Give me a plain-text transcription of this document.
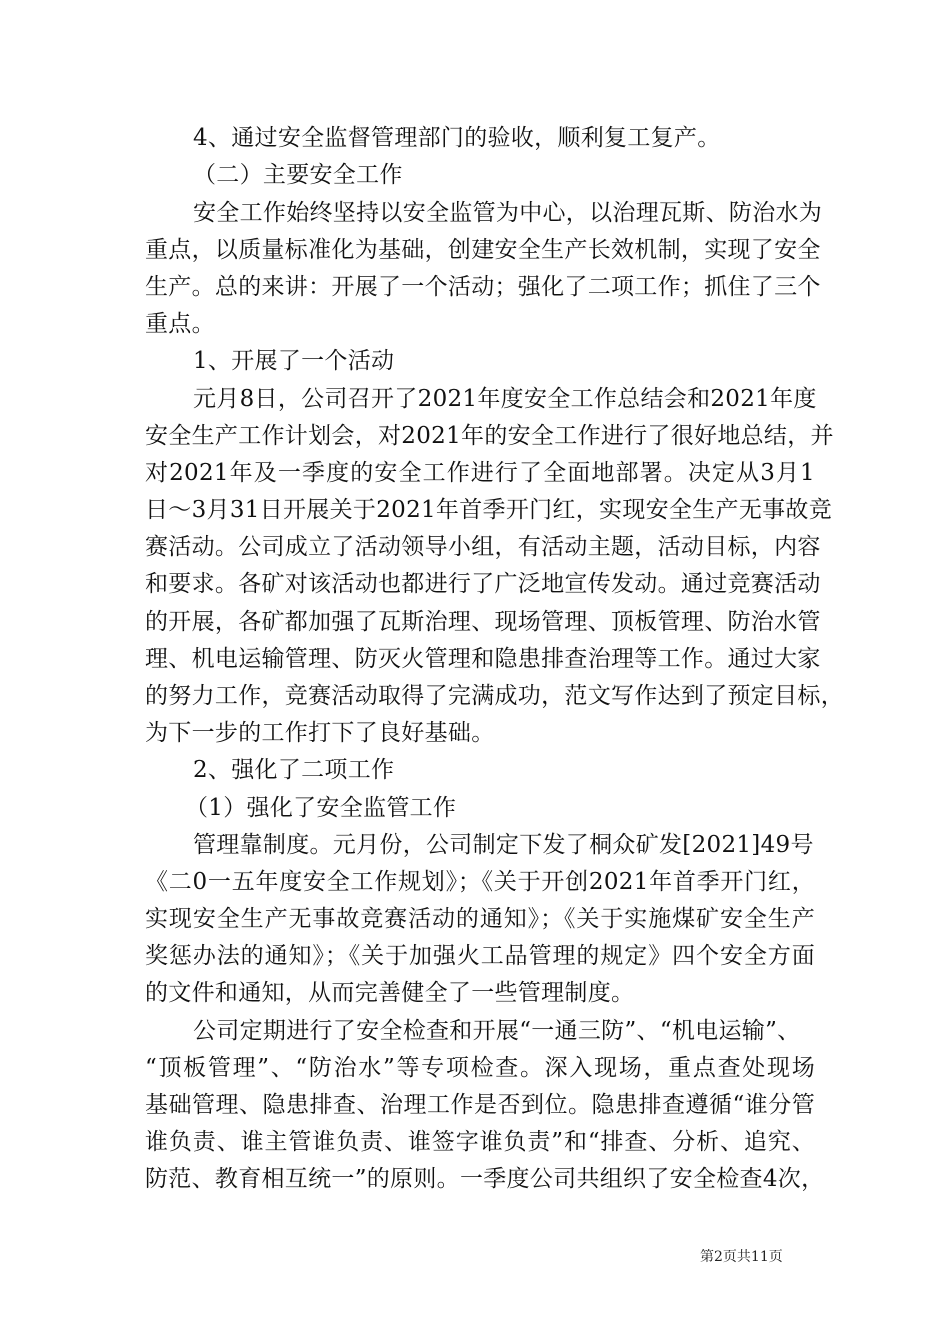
4、通过安全监督管理部门的验收，顺利复工复产。
（二）主要安全工作
安全工作始终坚持以安全监管为中心，以治理瓦斯、防治水为
重点，以质量标准化为基础，创建安全生产长效机制，实现了安全
生产。总的来讲：开展了一个活动；强化了二项工作；抓住了三个
重点。
1、开展了一个活动
元月8日，公司召开了2021年度安全工作总结会和2021年度
安全生产工作计划会，对2021年的安全工作进行了很好地总结，并
对2021年及一季度的安全工作进行了全面地部署。决定从3月1
日～3月31日开展关于2021年首季开门红，实现安全生产无事故竞
赛活动。公司成立了活动领导小组，有活动主题，活动目标，内容
和要求。各矿对该活动也都进行了广泛地宣传发动。通过竞赛活动
的开展，各矿都加强了瓦斯治理、现场管理、顶板管理、防治水管
理、机电运输管理、防灭火管理和隐患排查治理等工作。通过大家
的努力工作，竞赛活动取得了完满成功，范文写作达到了预定目标，
为下一步的工作打下了良好基础。
2、强化了二项工作
（1）强化了安全监管工作
管理靠制度。元月份，公司制定下发了桐众矿发[2021]49号
《二0一五年度安全工作规划》；《关于开创2021年首季开门红，
实现安全生产无事故竞赛活动的通知》；《关于实施煤矿安全生产
奖惩办法的通知》；《关于加强火工品管理的规定》四个安全方面
的文件和通知，从而完善健全了一些管理制度。
公司定期进行了安全检查和开展“一通三防”、“机电运输”、
“顶板管理”、“防治水”等专项检查。深入现场，重点查处现场
基础管理、隐患排查、治理工作是否到位。隐患排查遵循“谁分管
谁负责、谁主管谁负责、谁签字谁负责”和“排查、分析、追究、
防范、教育相互统一”的原则。一季度公司共组织了安全检查4次，
第2页共11页
